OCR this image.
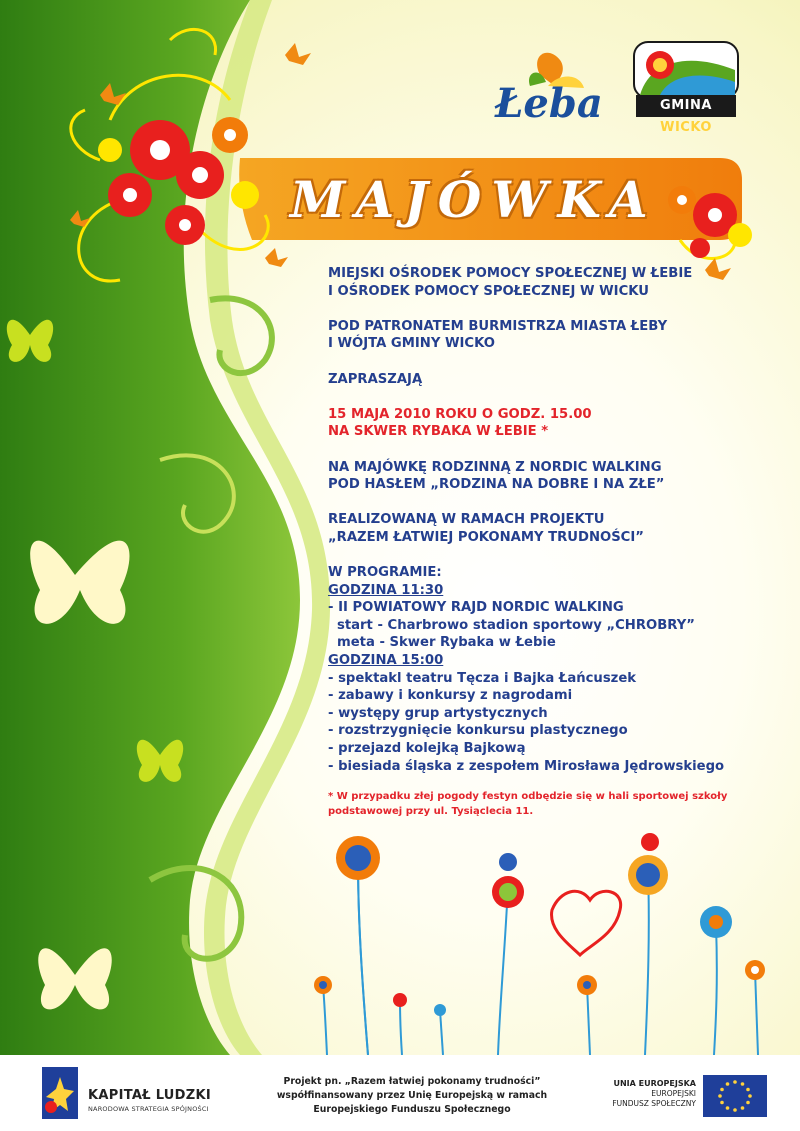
MAJÓWKA
Łeba	GMINA WICKO

MIEJSKI OŚRODEK POMOCY SPOŁECZNEJ W ŁEBIE

I OŚRODEK POMOCY SPOŁECZNEJ W WICKU

POD PATRONATEM BURMISTRZA MIASTA ŁEBY

I WÓJTA GMINY WICKO

ZAPRASZAJĄ

15 MAJA 2010 ROKU O GODZ. 15.00

NA SKWER RYBAKA W ŁEBIE *

NA MAJÓWKĘ RODZINNĄ Z NORDIC WALKING

POD HASŁEM „RODZINA NA DOBRE I NA ZŁE”

REALIZOWANĄ W RAMACH PROJEKTU

„RAZEM ŁATWIEJ POKONAMY TRUDNOŚCI”

W PROGRAMIE:

GODZINA 11:30

- II POWIATOWY RAJD NORDIC WALKING

start - Charbrowo stadion sportowy „CHROBRY”

meta - Skwer Rybaka w Łebie

GODZINA 15:00

- spektakl teatru Tęcza i Bajka Łańcuszek

- zabawy i konkursy z nagrodami

- występy grup artystycznych

- rozstrzygnięcie konkursu plastycznego

- przejazd kolejką Bajkową

- biesiada śląska z zespołem Mirosława Jędrowskiego

* W przypadku złej pogody festyn odbędzie się w hali sportowej szkoły
podstawowej przy ul. Tysiąclecia 11.
KAPITAŁ LUDZKI
NARODOWA STRATEGIA SPÓJNOŚCI
Projekt pn. „Razem łatwiej pokonamy trudności”
współfinansowany przez Unię Europejską w ramach
Europejskiego Funduszu Społecznego
UNIA EUROPEJSKA
EUROPEJSKI
FUNDUSZ SPOŁECZNY
